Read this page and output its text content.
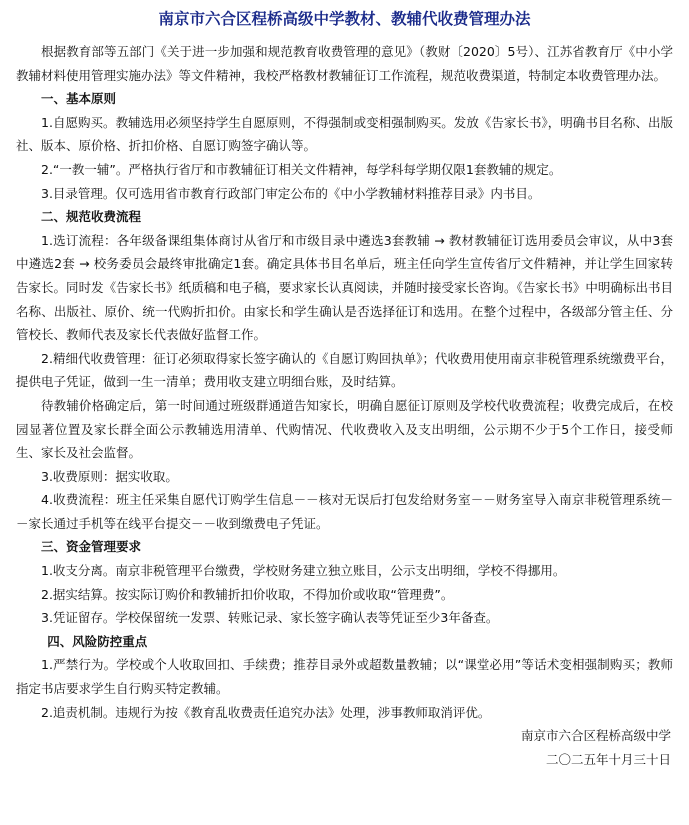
南京市六合区程桥高级中学教材、教辅代收费管理办法

根据教育部等五部门《关于进一步加强和规范教育收费管理的意见》（教财〔2020〕5号）、江苏省教育厅《中小学教辅材料使用管理实施办法》等文件精神，我校严格教材教辅征订工作流程，规范收费渠道，特制定本收费管理办法。

一、基本原则

1.自愿购买。教辅选用必须坚持学生自愿原则，不得强制或变相强制购买。发放《告家长书》，明确书目名称、出版社、版本、原价格、折扣价格、自愿订购签字确认等。

2.“一教一辅”。严格执行省厅和市教辅征订相关文件精神，每学科每学期仅限1套教辅的规定。

3.目录管理。仅可选用省市教育行政部门审定公布的《中小学教辅材料推荐目录》内书目。

二、规范收费流程

1.选订流程：各年级备课组集体商讨从省厅和市级目录中遴选3套教辅 → 教材教辅征订选用委员会审议，从中3套中遴选2套 → 校务委员会最终审批确定1套。确定具体书目名单后，班主任向学生宣传省厅文件精神，并让学生回家转告家长。同时发《告家长书》纸质稿和电子稿，要求家长认真阅读，并随时接受家长咨询。《告家长书》中明确标出书目名称、出版社、原价、统一代购折扣价。由家长和学生确认是否选择征订和选用。在整个过程中，各级部分管主任、分管校长、教师代表及家长代表做好监督工作。

2.精细代收费管理：征订必须取得家长签字确认的《自愿订购回执单》；代收费用使用南京非税管理系统缴费平台，提供电子凭证，做到一生一清单；费用收支建立明细台账，及时结算。

待教辅价格确定后，第一时间通过班级群通道告知家长，明确自愿征订原则及学校代收费流程；收费完成后，在校园显著位置及家长群全面公示教辅选用清单、代购情况、代收费收入及支出明细，公示期不少于5个工作日，接受师生、家长及社会监督。

3.收费原则：据实收取。

4.收费流程：班主任采集自愿代订购学生信息－－核对无误后打包发给财务室－－财务室导入南京非税管理系统－－家长通过手机等在线平台提交－－收到缴费电子凭证。

三、资金管理要求

1.收支分离。南京非税管理平台缴费，学校财务建立独立账目，公示支出明细，学校不得挪用。

2.据实结算。按实际订购价和教辅折扣价收取，不得加价或收取“管理费”。

3.凭证留存。学校保留统一发票、转账记录、家长签字确认表等凭证至少3年备查。

四、风险防控重点

1.严禁行为。学校或个人收取回扣、手续费；推荐目录外或超数量教辅；以“课堂必用”等话术变相强制购买；教师指定书店要求学生自行购买特定教辅。

2.追责机制。违规行为按《教育乱收费责任追究办法》处理，涉事教师取消评优。

南京市六合区程桥高级中学

二〇二五年十月三十日
